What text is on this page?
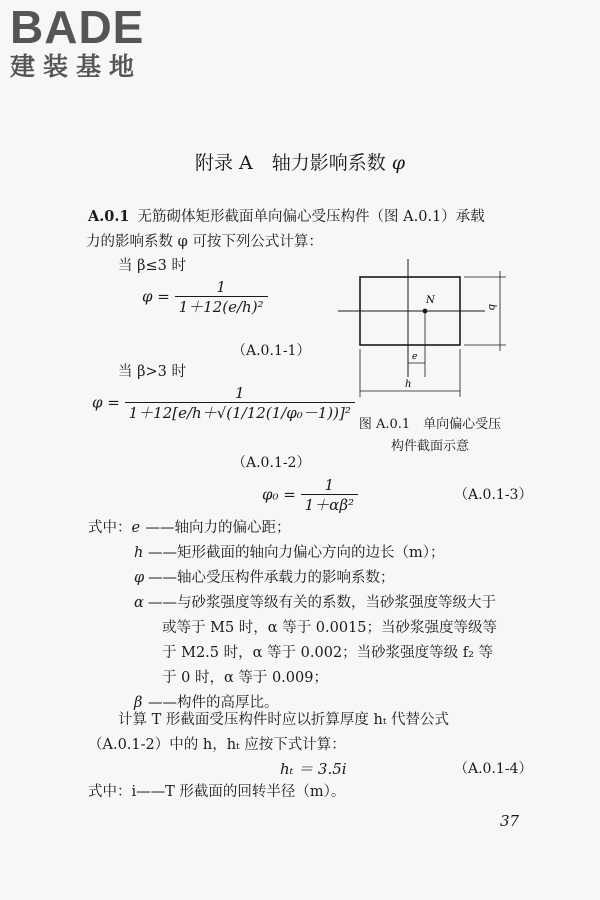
BADE
建装基地
附录 A　轴力影响系数 φ
A.0.1 无筋砌体矩形截面单向偏心受压构件（图 A.0.1）承载
力的影响系数 φ 可按下列公式计算：
当 β≤3 时
$\varphi = \frac{1}{\text{1＋12(e/h)²}}$
（A.0.1-1）
当 β>3 时
$\varphi = \frac{1}{\text{1＋12[e/h＋√(1/12(1/φ₀－1))]²}}$
（A.0.1-2）
$\varphi_0 = \frac{1}{\text{1＋αβ²}}$	（A.0.1-3）
N
e
h
b
图 A.0.1　单向偏心受压
构件截面示意
式中：e ——轴向力的偏心距；
h ——矩形截面的轴向力偏心方向的边长（m）；
φ ——轴心受压构件承载力的影响系数；
α ——与砂浆强度等级有关的系数，当砂浆强度等级大于
或等于 M5 时，α 等于 0.0015；当砂浆强度等级等
于 M2.5 时，α 等于 0.002；当砂浆强度等级 f₂ 等
于 0 时，α 等于 0.009；
β ——构件的高厚比。
计算 T 形截面受压构件时应以折算厚度 hₜ 代替公式
（A.0.1-2）中的 h，hₜ 应按下式计算：
hₜ ＝ 3.5i	（A.0.1-4）
式中：i——T 形截面的回转半径（m）。
37
